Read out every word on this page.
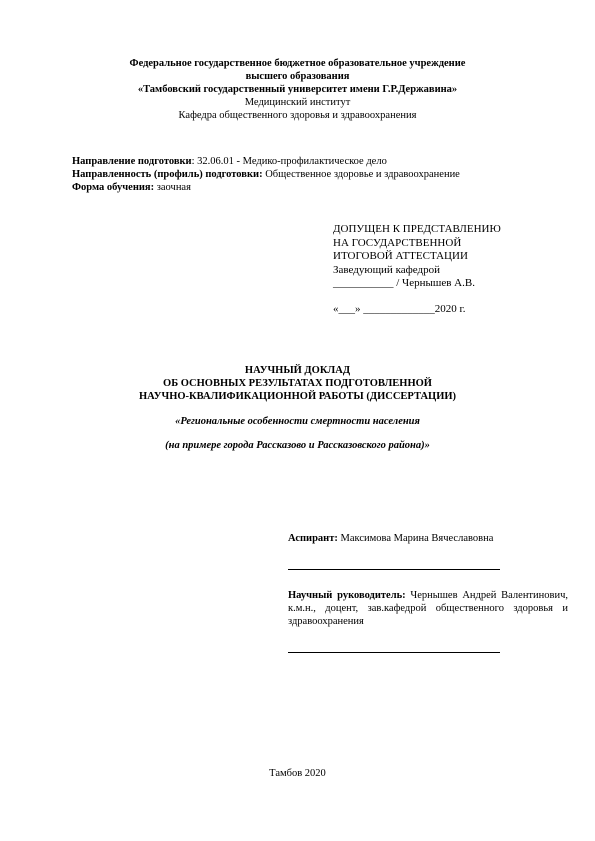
Федеральное государственное бюджетное образовательное учреждение
высшего образования
«Тамбовский государственный университет имени Г.Р.Державина»
Медицинский институт
Кафедра общественного здоровья и здравоохранения
Направление подготовки: 32.06.01 - Медико-профилактическое дело
Направленность (профиль) подготовки: Общественное здоровье и здравоохранение
Форма обучения: заочная
ДОПУЩЕН К ПРЕДСТАВЛЕНИЮ
НА ГОСУДАРСТВЕННОЙ
ИТОГОВОЙ АТТЕСТАЦИИ
Заведующий кафедрой
___________ / Чернышев А.В.
«___» _____________2020 г.
НАУЧНЫЙ ДОКЛАД
ОБ ОСНОВНЫХ РЕЗУЛЬТАТАХ ПОДГОТОВЛЕННОЙ
НАУЧНО-КВАЛИФИКАЦИОННОЙ РАБОТЫ (ДИССЕРТАЦИИ)
«Региональные особенности смертности населения
(на примере города Рассказово и Рассказовского района)»
Аспирант: Максимова Марина Вячеславовна
Научный руководитель: Чернышев Андрей Валентинович, к.м.н., доцент, зав.кафедрой общественного здоровья и здравоохранения
Тамбов 2020
